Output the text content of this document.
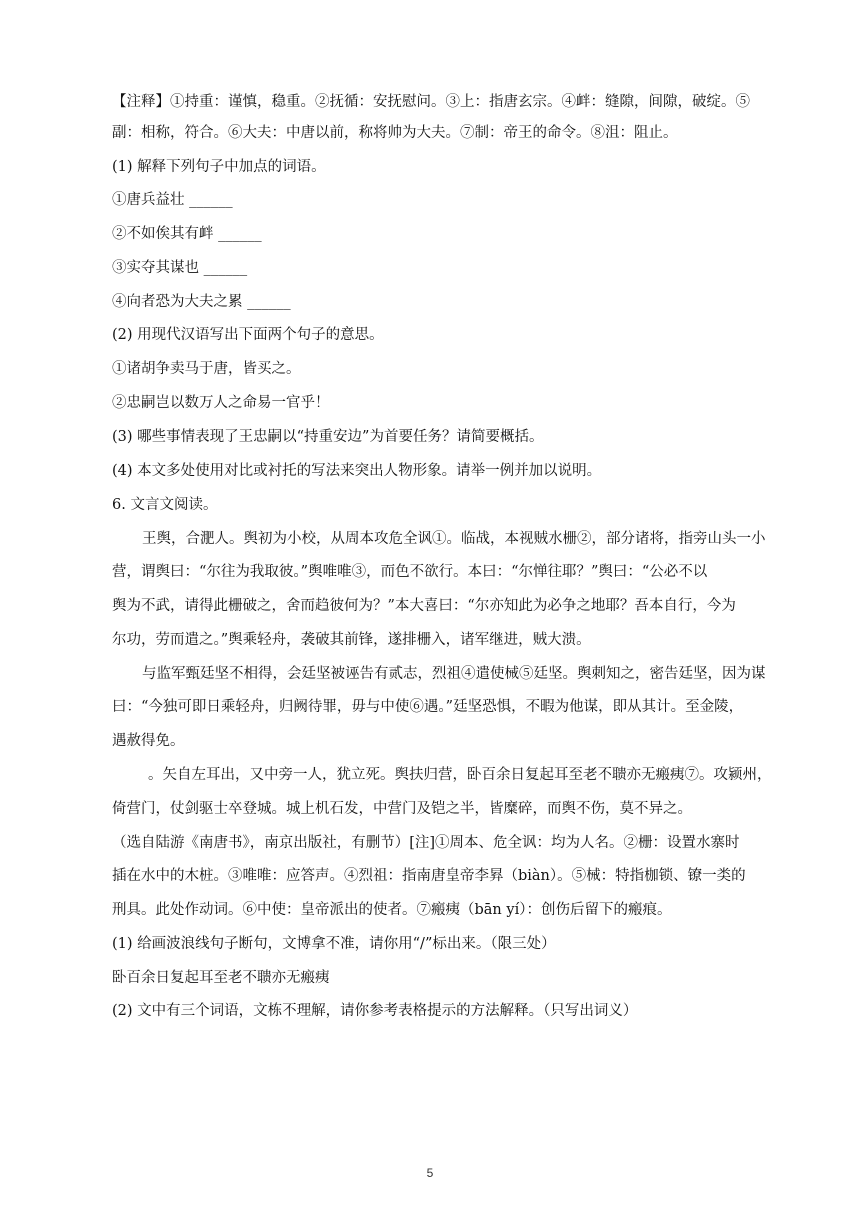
【注释】①持重：谨慎，稳重。②抚循：安抚慰问。③上：指唐玄宗。④衅：缝隙，间隙，破绽。⑤
副：相称，符合。⑥大夫：中唐以前，称将帅为大夫。⑦制：帝王的命令。⑧沮：阻止。
(1) 解释下列句子中加点的词语。
①唐兵益壮 ______
②不如俟其有衅 ______
③实夺其谋也 ______
④向者恐为大夫之累 ______
(2) 用现代汉语写出下面两个句子的意思。
①诸胡争卖马于唐，皆买之。
②忠嗣岂以数万人之命易一官乎！
(3) 哪些事情表现了王忠嗣以“持重安边”为首要任务？请简要概括。
(4) 本文多处使用对比或衬托的写法来突出人物形象。请举一例并加以说明。
6. 文言文阅读。
王舆，合淝人。舆初为小校，从周本攻危全讽①。临战，本视贼水栅②，部分诸将，指旁山头一小
营，谓舆曰：“尔往为我取彼。”舆唯唯③，而色不欲行。本曰：“尔惮往耶？”舆曰：“公必不以
舆为不武，请得此栅破之，舍而趋彼何为？”本大喜曰：“尔亦知此为必争之地耶？吾本自行，今为
尔功，劳而遣之。”舆乘轻舟，袭破其前锋，遂排栅入，诸军继进，贼大溃。
与监军甄廷坚不相得，会廷坚被诬告有贰志，烈祖④遣使械⑤廷坚。舆刺知之，密告廷坚，因为谋
曰：“今独可即日乘轻舟，归阙待罪，毋与中使⑥遇。”廷坚恐惧，不暇为他谋，即从其计。至金陵，
遇赦得免。
。矢自左耳出，又中旁一人，犹立死。舆扶归营，卧百余日复起耳至老不聩亦无瘢痍⑦。攻颍州，
倚营门，仗剑驱士卒登城。城上机石发，中营门及铠之半，皆糜碎，而舆不伤，莫不异之。
（选自陆游《南唐书》，南京出版社，有删节）[注]①周本、危全讽：均为人名。②栅：设置水寨时
插在水中的木桩。③唯唯：应答声。④烈祖：指南唐皇帝李昪（biàn）。⑤械：特指枷锁、镣一类的
刑具。此处作动词。⑥中使：皇帝派出的使者。⑦瘢痍（bān yí）：创伤后留下的瘢痕。
(1) 给画波浪线句子断句，文博拿不准，请你用“/”标出来。（限三处）
卧百余日复起耳至老不聩亦无瘢痍
(2) 文中有三个词语，文栋不理解，请你参考表格提示的方法解释。（只写出词义）
5
